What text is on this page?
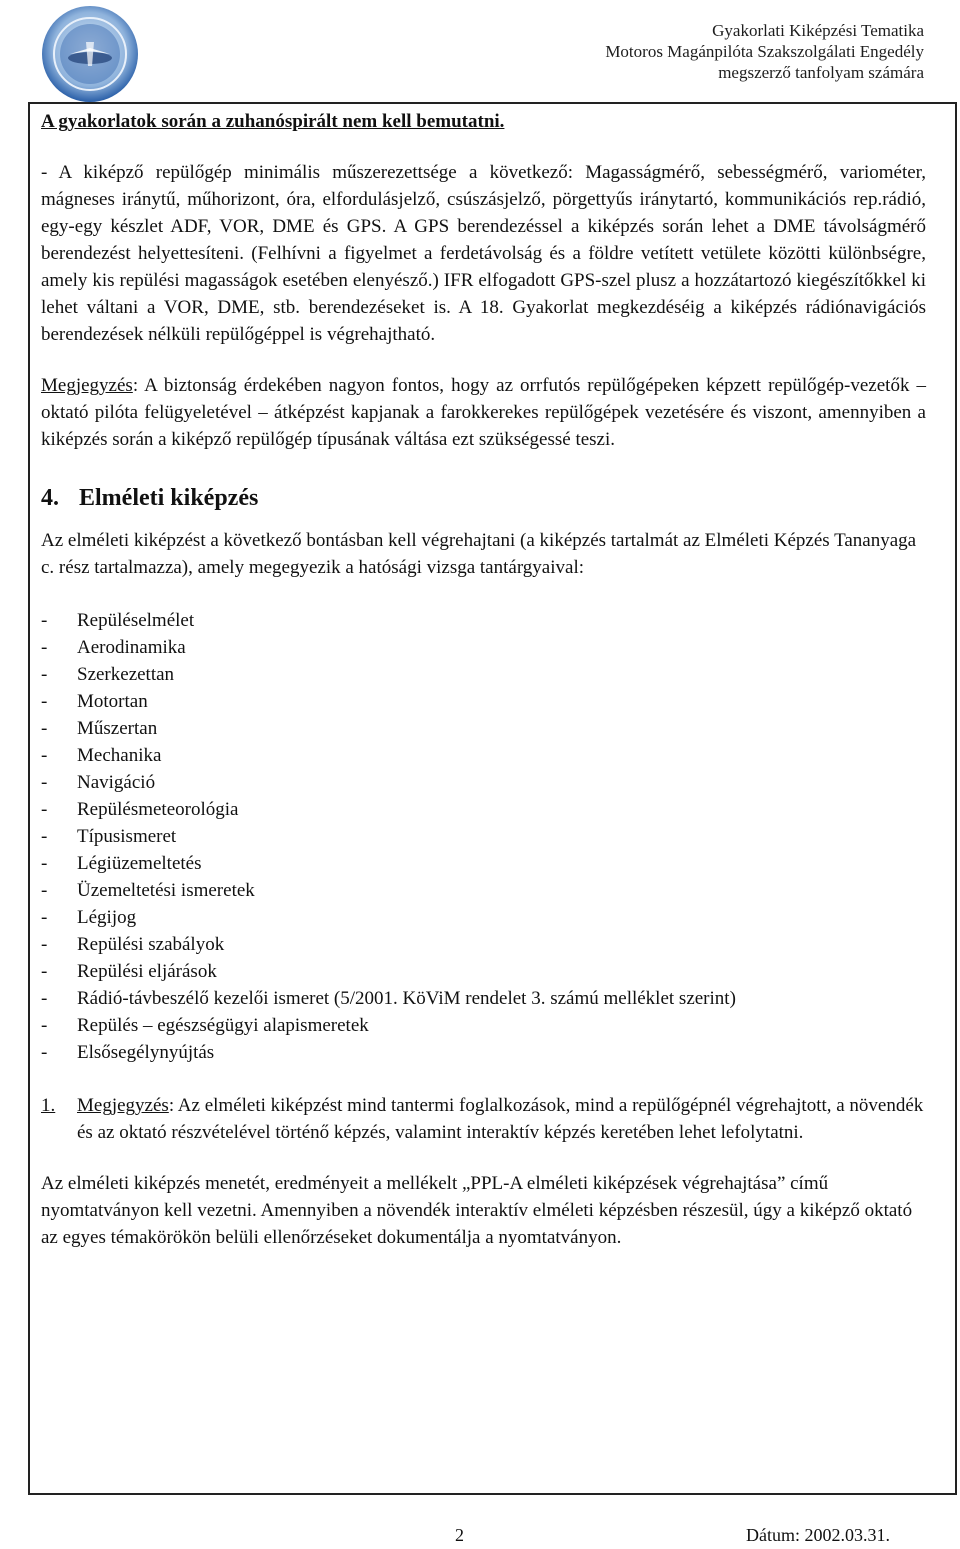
Gyakorlati Kiképzési Tematika
Motoros Magánpilóta Szakszolgálati Engedély
megszerző tanfolyam számára

A gyakorlatok során a zuhanóspirált nem kell bemutatni.

- A kiképző repülőgép minimális műszerezettsége a következő: Magasságmérő, sebességmérő, variométer, mágneses iránytű, műhorizont, óra, elfordulásjelző, csúszásjelző, pörgettyűs iránytartó, kommunikációs rep.rádió, egy-egy készlet ADF, VOR, DME és GPS. A GPS berendezéssel a kiképzés során lehet a DME távolságmérő berendezést helyettesíteni. (Felhívni a figyelmet a ferdetávolság és a földre vetített vetülete közötti különbségre, amely kis repülési magasságok esetében elenyésző.) IFR elfogadott GPS-szel plusz a hozzátartozó kiegészítőkkel ki lehet váltani a VOR, DME, stb. berendezéseket is. A 18. Gyakorlat megkezdéséig a kiképzés rádiónavigációs berendezések nélküli repülőgéppel is végrehajtható.

Megjegyzés: A biztonság érdekében nagyon fontos, hogy az orrfutós repülőgépeken képzett repülőgép-vezetők – oktató pilóta felügyeletével – átképzést kapjanak a farokkerekes repülőgépek vezetésére és viszont, amennyiben a kiképzés során a kiképző repülőgép típusának váltása ezt szükségessé teszi.

4. Elméleti kiképzés

Az elméleti kiképzést a következő bontásban kell végrehajtani (a kiképzés tartalmát az Elméleti Képzés Tananyaga c. rész tartalmazza), amely megegyezik a hatósági vizsga tantárgyaival:

-	Repüléselmélet
-	Aerodinamika
-	Szerkezettan
-	Motortan
-	Műszertan
-	Mechanika
-	Navigáció
-	Repülésmeteorológia
-	Típusismeret
-	Légiüzemeltetés
-	Üzemeltetési ismeretek
-	Légijog
-	Repülési szabályok
-	Repülési eljárások
-	Rádió-távbeszélő kezelői ismeret (5/2001. KöViM rendelet 3. számú melléklet szerint)
-	Repülés – egészségügyi alapismeretek
-	Elsősegélynyújtás
1.	Megjegyzés: Az elméleti kiképzést mind tantermi foglalkozások, mind a repülőgépnél végrehajtott, a növendék és az oktató részvételével történő képzés, valamint interaktív képzés keretében lehet lefolytatni.

Az elméleti kiképzés menetét, eredményeit a mellékelt „PPL-A elméleti kiképzések végrehajtása” című nyomtatványon kell vezetni. Amennyiben a növendék interaktív elméleti képzésben részesül, úgy a kiképző oktató az egyes témakörökön belüli ellenőrzéseket dokumentálja a nyomtatványon.

2	Dátum: 2002.03.31.
